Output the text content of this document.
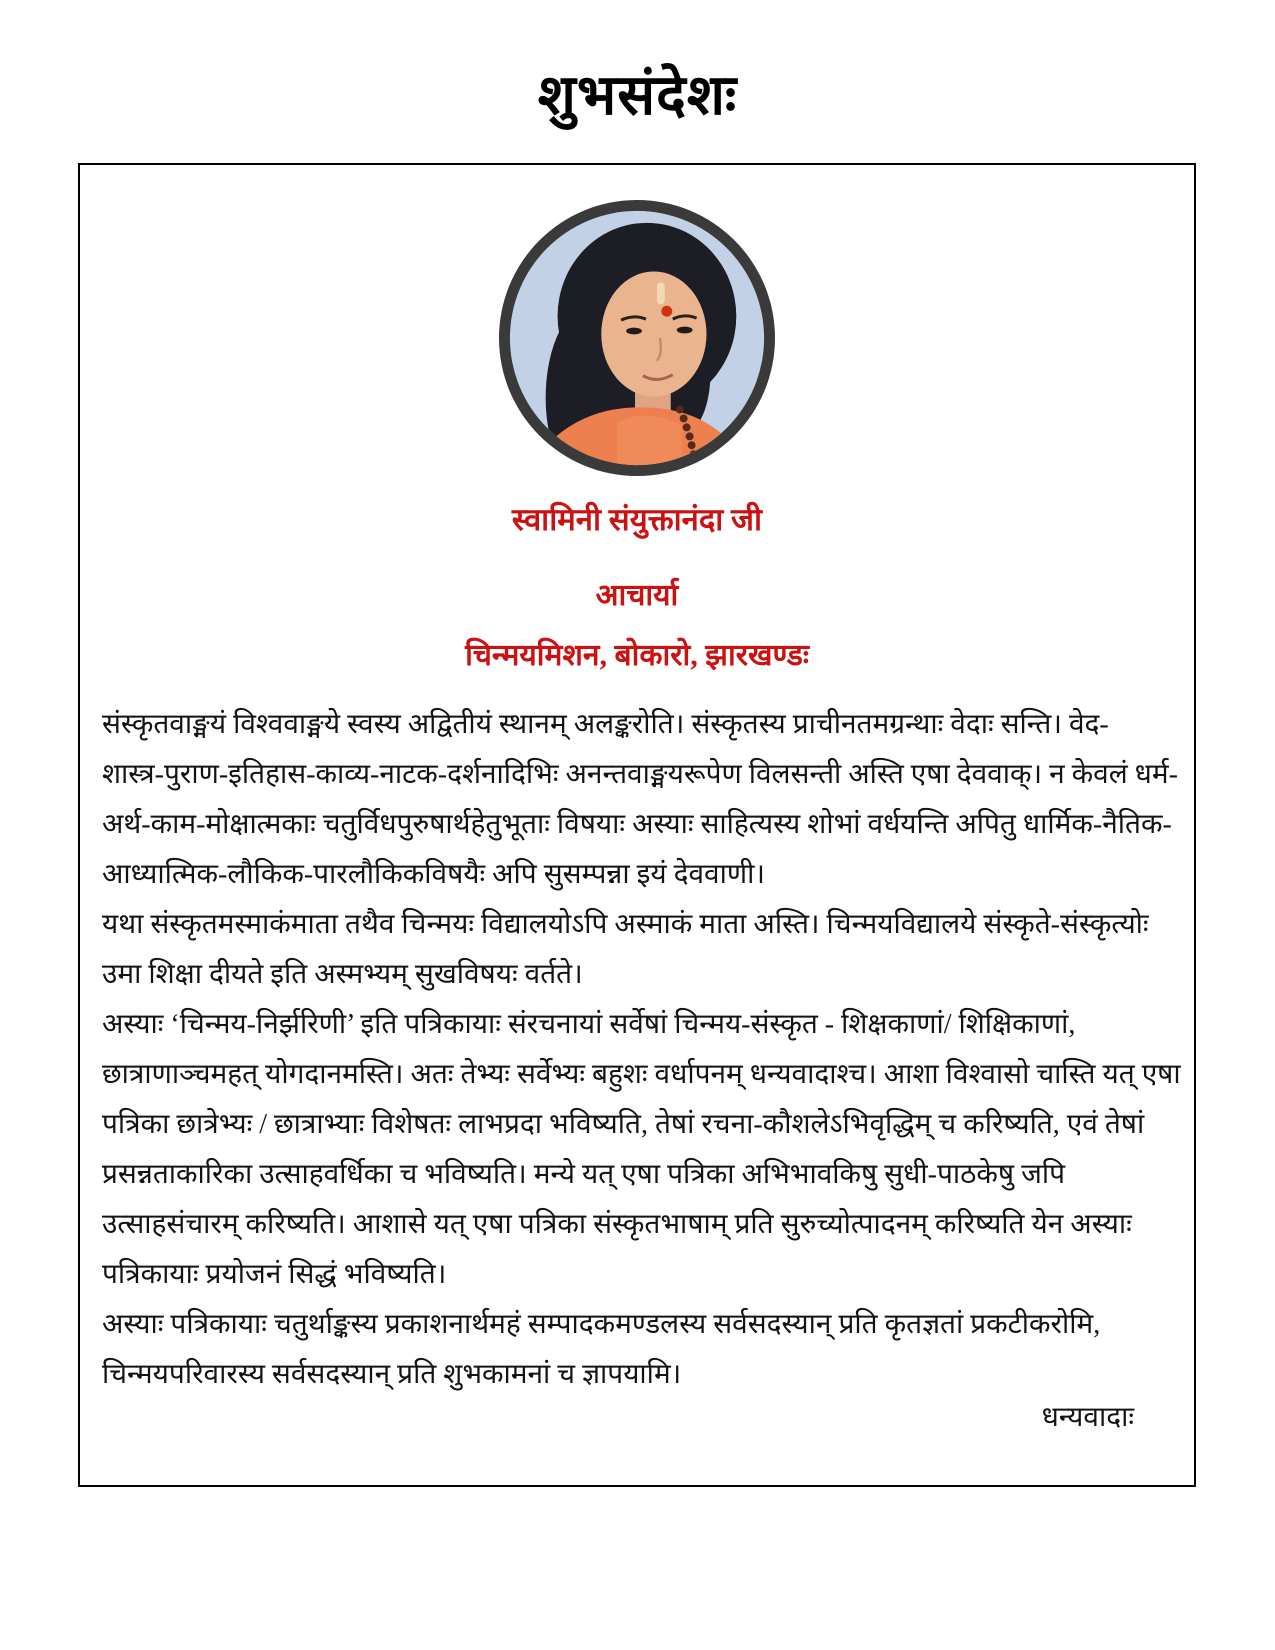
शुभसंदेशः
स्वामिनी संयुक्तानंदा जी
आचार्या
चिन्मयमिशन, बोकारो, झारखण्डः
संस्कृतवाङ्मयं विश्ववाङ्मये स्वस्य अद्वितीयं स्थानम् अलङ्करोति। संस्कृतस्य प्राचीनतमग्रन्थाः वेदाः सन्ति। वेद-
शास्त्र-पुराण-इतिहास-काव्य-नाटक-दर्शनादिभिः अनन्तवाङ्मयरूपेण विलसन्ती अस्ति एषा देववाक्। न केवलं धर्म-
अर्थ-काम-मोक्षात्मकाः चतुर्विधपुरुषार्थहेतुभूताः विषयाः अस्याः साहित्यस्य शोभां वर्धयन्ति अपितु धार्मिक-नैतिक-
आध्यात्मिक-लौकिक-पारलौकिकविषयैः अपि सुसम्पन्ना इयं देववाणी।
यथा संस्कृतमस्माकंमाता तथैव चिन्मयः विद्यालयोऽपि अस्माकं माता अस्ति। चिन्मयविद्यालये संस्कृते-संस्कृत्योः
उमा शिक्षा दीयते इति अस्मभ्यम् सुखविषयः वर्तते।
अस्याः ‘चिन्मय-निर्झरिणी’ इति पत्रिकायाः संरचनायां सर्वेषां चिन्मय-संस्कृत - शिक्षकाणां/ शिक्षिकाणां,
छात्राणाञ्चमहत् योगदानमस्ति। अतः तेभ्यः सर्वेभ्यः बहुशः वर्धापनम् धन्यवादाश्च। आशा विश्वासो चास्ति यत् एषा
पत्रिका छात्रेभ्यः / छात्राभ्याः विशेषतः लाभप्रदा भविष्यति, तेषां रचना-कौशलेऽभिवृद्धिम् च करिष्यति, एवं तेषां
प्रसन्नताकारिका उत्साहवर्धिका च भविष्यति। मन्ये यत् एषा पत्रिका अभिभावकिषु सुधी-पाठकेषु जपि
उत्साहसंचारम् करिष्यति। आशासे यत् एषा पत्रिका संस्कृतभाषाम् प्रति सुरुच्योत्पादनम् करिष्यति येन अस्याः
पत्रिकायाः प्रयोजनं सिद्धं भविष्यति।
अस्याः पत्रिकायाः चतुर्थाङ्कस्य प्रकाशनार्थमहं सम्पादकमण्डलस्य सर्वसदस्यान् प्रति कृतज्ञतां प्रकटीकरोमि,
चिन्मयपरिवारस्य सर्वसदस्यान् प्रति शुभकामनां च ज्ञापयामि।
धन्यवादाः
